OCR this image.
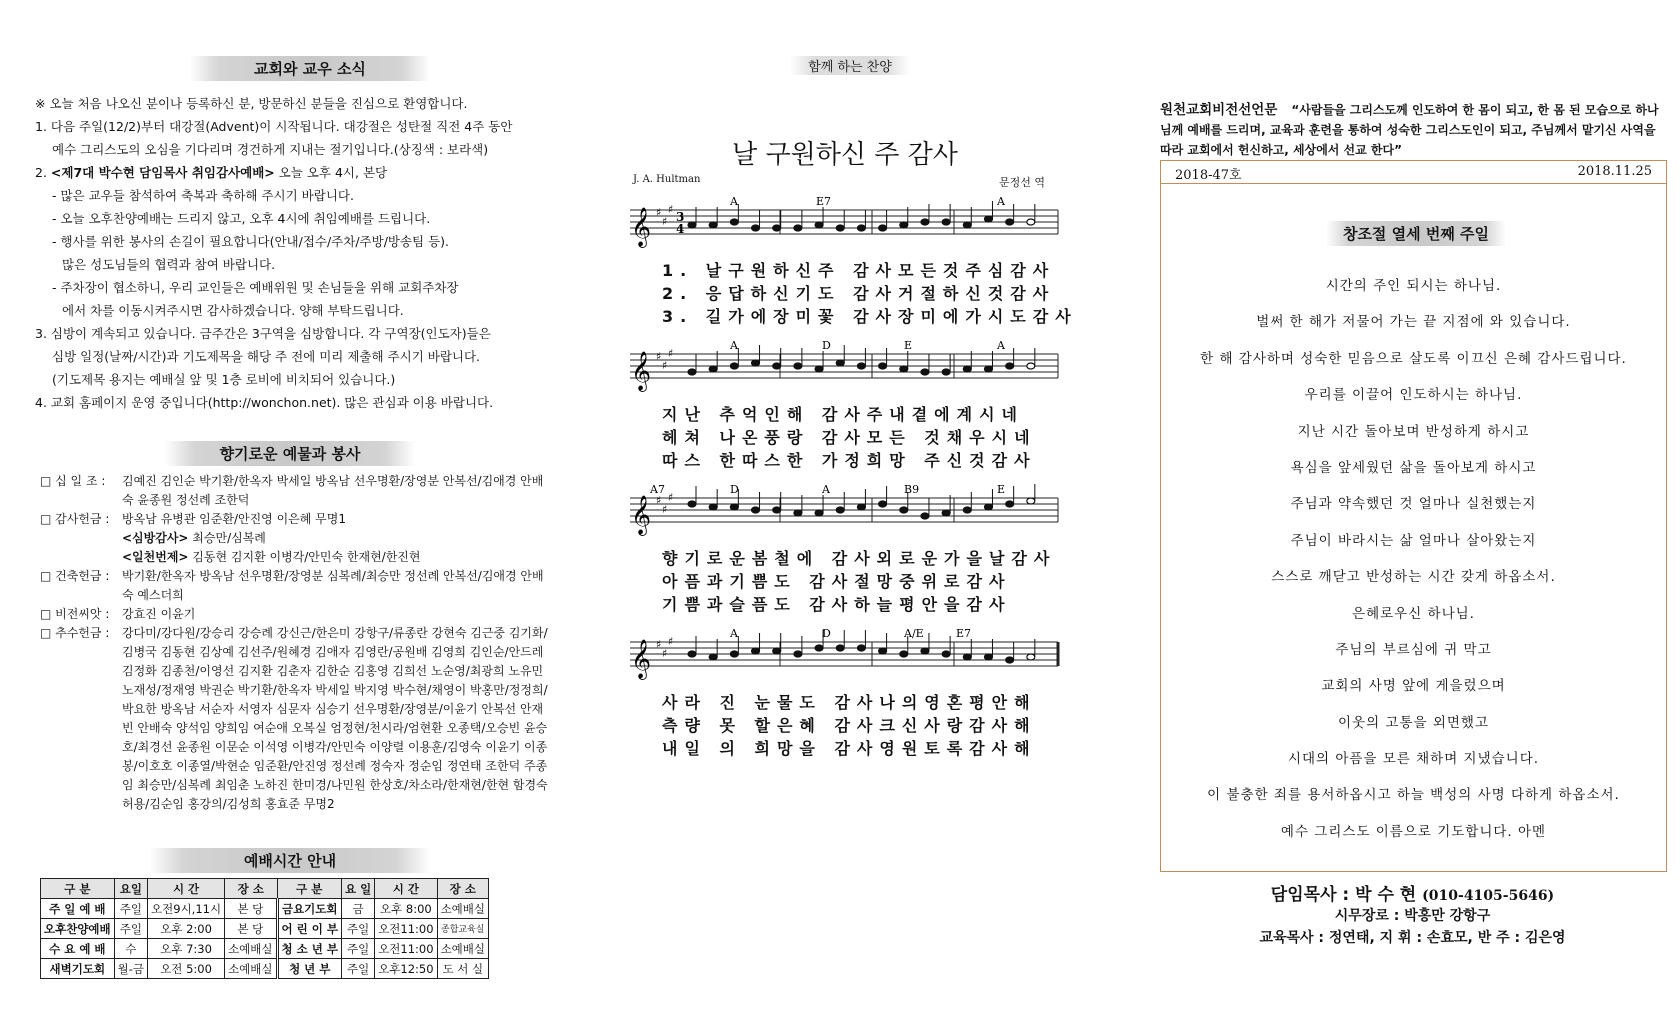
교회와 교우 소식
※ 오늘 처음 나오신 분이나 등록하신 분, 방문하신 분들을 진심으로 환영합니다.
1. 다음 주일(12/2)부터 대강절(Advent)이 시작됩니다. 대강절은 성탄절 직전 4주 동안
예수 그리스도의 오심을 기다리며 경건하게 지내는 절기입니다.(상징색 : 보라색)
2. <제7대 박수현 담임목사 취임감사예배> 오늘 오후 4시, 본당
- 많은 교우들 참석하여 축복과 축하해 주시기 바랍니다.
- 오늘 오후찬양예배는 드리지 않고, 오후 4시에 취임예배를 드립니다.
- 행사를 위한 봉사의 손길이 필요합니다(안내/접수/주차/주방/방송팀 등).
많은 성도님들의 협력과 참여 바랍니다.
- 주차장이 협소하니, 우리 교인들은 예배위원 및 손님들을 위해 교회주차장
에서 차를 이동시켜주시면 감사하겠습니다. 양해 부탁드립니다.
3. 심방이 계속되고 있습니다. 금주간은 3구역을 심방합니다. 각 구역장(인도자)들은
심방 일정(날짜/시간)과 기도제목을 해당 주 전에 미리 제출해 주시기 바랍니다.
(기도제목 용지는 예배실 앞 및 1층 로비에 비치되어 있습니다.)
4. 교회 홈페이지 운영 중입니다(http://wonchon.net). 많은 관심과 이용 바랍니다.
향기로운 예물과 봉사
□ 십 일 조 :	김예진 김인순 박기환/한옥자 박세일 방옥남 선우명환/장영분 안복선/김애경 안배숙 윤종원 정선례 조한덕
□ 감사헌금 :	방옥남 유병관 임준환/안진영 이은혜 무명1
<심방감사> 최승만/심복례
<일천번제> 김동현 김지환 이병각/안민숙 한재현/한진현
□ 건축헌금 :	박기환/한옥자 방옥남 선우명환/장영분 심복례/최승만 정선례 안복선/김애경 안배숙 예스더희
□ 비전씨앗 :	강효진 이윤기
□ 추수헌금 :	강다미/강다원/강승리 강승례 강신근/한은미 강항구/류종란 강현숙 김근중 김기화/김병국 김동현 김상예 김선주/원혜경 김애자 김영란/공원배 김영희 김인순/안드레 김정화 김종천/이영선 김지환 김춘자 김한순 김홍영 김희선 노순영/최광희 노유민 노재성/정재영 박권순 박기환/한옥자 박세일 박지영 박수현/채영이 박홍만/정정희/박요한 방옥남 서순자 서영자 심문자 심승기 선우명환/장영분/이윤기 안복선 안재빈 안배숙 양석임 양희임 여순애 오복실 엄정현/천시라/엄현환 오종택/오승빈 윤승호/최경선 윤종원 이문순 이석영 이병각/안민숙 이양렬 이용훈/김영숙 이윤기 이종봉/이호호 이종열/박현순 임준환/안진영 정선례 정숙자 정순임 정연태 조한덕 주종임 최승만/심복례 최임춘 노하진 한미경/나민원 한상호/차소라/한재현/한현 함경숙 허용/김순임 홍강의/김성희 홍효준 무명2
예배시간 안내
구 분	요일	시 간	장 소	구 분	요 일	시 간	장 소
주 일 예 배	주일	오전9시,11시	본 당	금요기도회	금	오후 8:00	소예배실
오후찬양예배	주일	오후 2:00	본 당	어 린 이 부	주일	오전11:00	종합교육실
수 요 예 배	수	오후 7:30	소예배실	청 소 년 부	주일	오전11:00	소예배실
새벽기도회	월-금	오전 5:00	소예배실	청 년 부	주일	오후12:50	도 서 실
함께 하는 찬양
날 구원하신 주 감사
J. A. Hultman	문정선 역
𝄞 ♯
♯
♯
3
4
A	E7	A
1. 날구원하신주 감사모든것주심감사
2. 응답하신기도 감사거절하신것감사
3. 길가에장미꽃 감사장미에가시도감사
𝄞 ♯
♯
♯
A	D	E	A
지난 추억인해 감사주내곁에계시네
헤쳐 나온풍랑 감사모든 것채우시네
따스 한따스한 가정희망 주신것감사
𝄞 ♯
♯
♯
A7	D	A	B9	E
향기로운봄철에 감사외로운가을날감사
아픔과기쁨도 감사절망중위로감사
기쁨과슬픔도 감사하늘평안을감사
𝄞 ♯
♯
♯
A	D	A/E	E7
사라 진 눈물도 감사나의영혼평안해
측량 못 할은혜 감사크신사랑감사해
내일 의 희망을 감사영원토록감사해
원천교회비전선언문 “사람들을 그리스도께 인도하여 한 몸이 되고, 한 몸 된 모습으로 하나님께 예배를 드리며, 교육과 훈련을 통하여 성숙한 그리스도인이 되고, 주님께서 맡기신 사역을 따라 교회에서 헌신하고, 세상에서 선교 한다”
2018-47호	2018.11.25
창조절 열세 번째 주일
시간의 주인 되시는 하나님.
벌써 한 해가 저물어 가는 끝 지점에 와 있습니다.
한 해 감사하며 성숙한 믿음으로 살도록 이끄신 은혜 감사드립니다.
우리를 이끌어 인도하시는 하나님.
지난 시간 돌아보며 반성하게 하시고
욕심을 앞세웠던 삶을 돌아보게 하시고
주님과 약속했던 것 얼마나 실천했는지
주님이 바라시는 삶 얼마나 살아왔는지
스스로 깨닫고 반성하는 시간 갖게 하옵소서.
은혜로우신 하나님.
주님의 부르심에 귀 막고
교회의 사명 앞에 게을렀으며
이웃의 고통을 외면했고
시대의 아픔을 모른 채하며 지냈습니다.
이 불충한 죄를 용서하옵시고 하늘 백성의 사명 다하게 하옵소서.
예수 그리스도 이름으로 기도합니다. 아멘
담임목사 : 박 수 현 (010-4105-5646)
시무장로 : 박홍만 강항구
교육목사 : 정연태, 지 휘 : 손효모, 반 주 : 김은영
